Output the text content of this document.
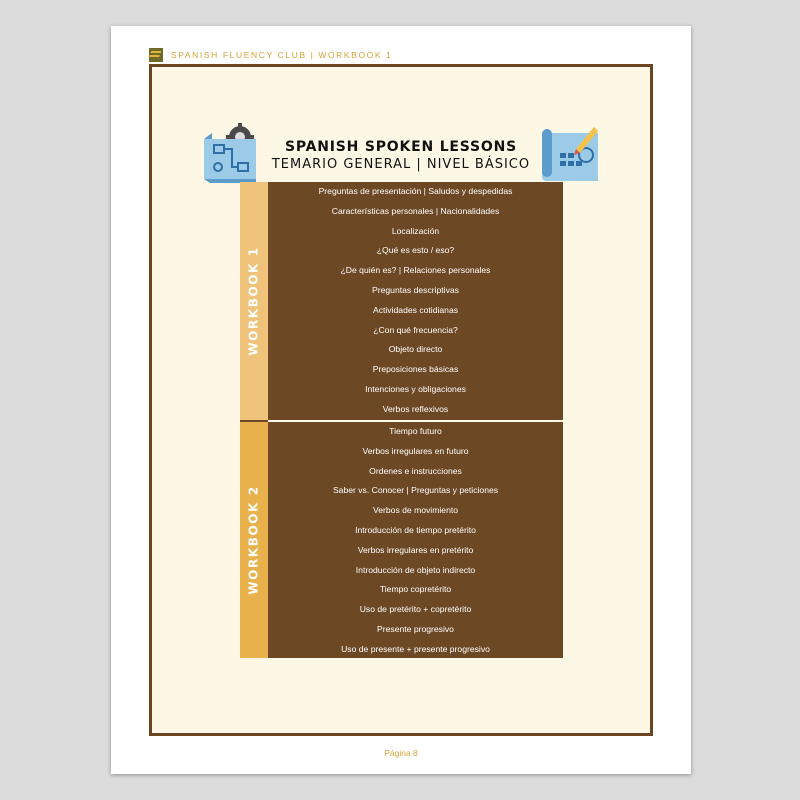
SPANISH FLUENCY CLUB | WORKBOOK 1
SPANISH SPOKEN LESSONS
TEMARIO GENERAL | NIVEL BÁSICO
WORKBOOK 1
WORKBOOK 2
Preguntas de presentación | Saludos y despedidas
Características personales | Nacionalidades
Localización
¿Qué es esto / eso?
¿De quién es? | Relaciones personales
Preguntas descriptivas
Actividades cotidianas
¿Con qué frecuencia?
Objeto directo
Preposiciones básicas
Intenciones y obligaciones
Verbos reflexivos
Tiempo futuro
Verbos irregulares en futuro
Ordenes e instrucciones
Saber vs. Conocer | Preguntas y peticiones
Verbos de movimiento
Introducción de tiempo pretérito
Verbos irregulares en pretérito
Introducción de objeto indirecto
Tiempo copretérito
Uso de pretérito + copretérito
Presente progresivo
Uso de presente + presente progresivo
Página 8
